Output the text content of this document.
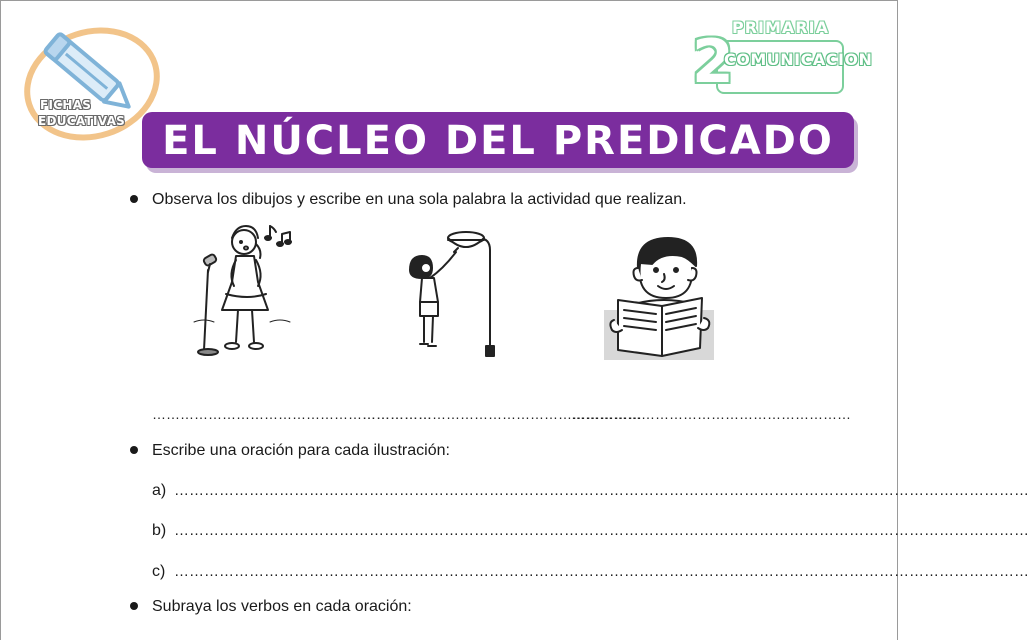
FICHAS
EDUCATIVAS
PRIMARIA
2
COMUNICACION
EL NÚCLEO DEL PREDICADO
Observa los dibujos y escribe en una sola palabra la actividad que realizan.
……………………………………………………
……………………………………………………
……………………………………………………
Escribe una oración para cada ilustración:
a) ………………………………………………………………………………………………………………………………………………………
b) ………………………………………………………………………………………………………………………………………………………
c) ………………………………………………………………………………………………………………………………………………………
Subraya los verbos en cada oración:
